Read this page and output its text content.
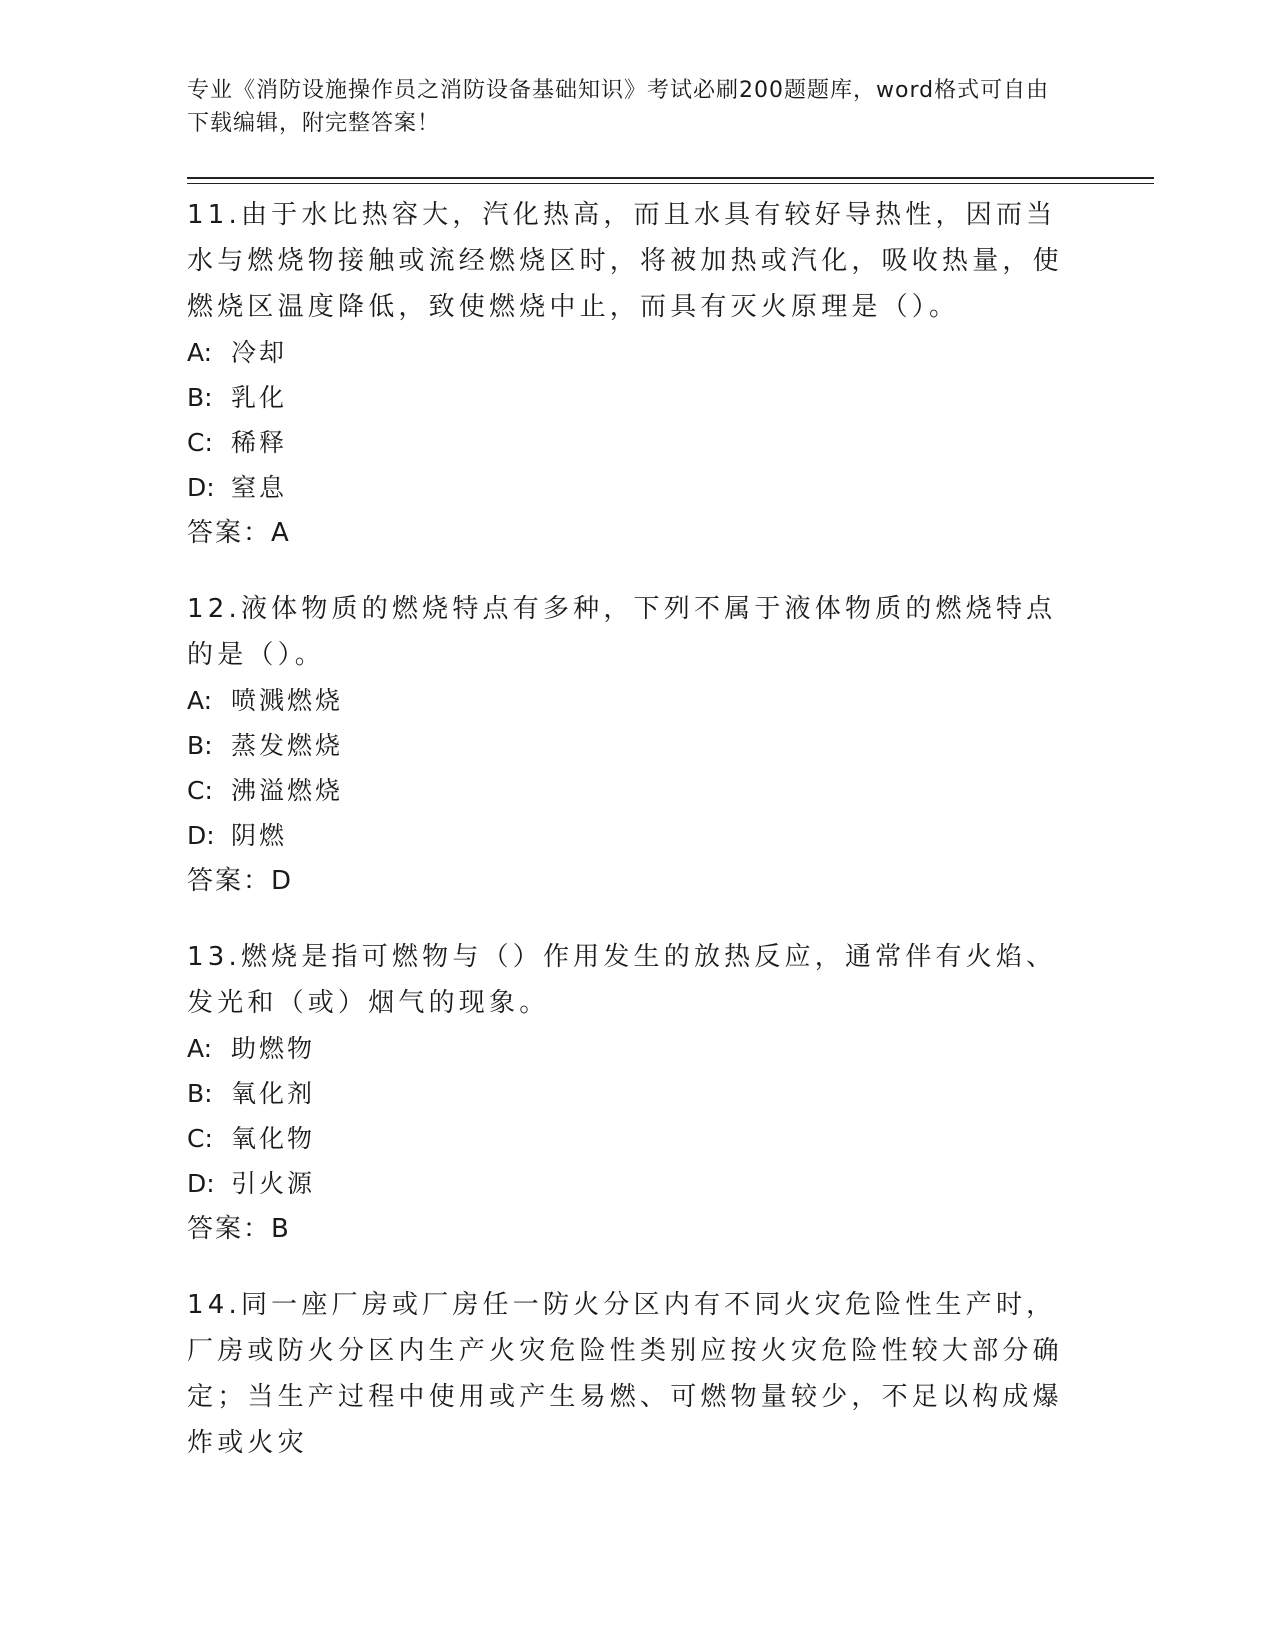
专业《消防设施操作员之消防设备基础知识》考试必刷200题题库，word格式可自由下载编辑，附完整答案！

11.由于水比热容大，汽化热高，而且水具有较好导热性，因而当水与燃烧物接触或流经燃烧区时，将被加热或汽化，吸收热量，使燃烧区温度降低，致使燃烧中止，而具有灭火原理是（）。

A: 冷却
B: 乳化
C: 稀释
D: 窒息
答案：A

12.液体物质的燃烧特点有多种，下列不属于液体物质的燃烧特点的是（）。

A: 喷溅燃烧
B: 蒸发燃烧
C: 沸溢燃烧
D: 阴燃
答案：D

13.燃烧是指可燃物与（）作用发生的放热反应，通常伴有火焰、发光和（或）烟气的现象。

A: 助燃物
B: 氧化剂
C: 氧化物
D: 引火源
答案：B

14.同一座厂房或厂房任一防火分区内有不同火灾危险性生产时，厂房或防火分区内生产火灾危险性类别应按火灾危险性较大部分确定；当生产过程中使用或产生易燃、可燃物量较少，不足以构成爆炸或火灾
